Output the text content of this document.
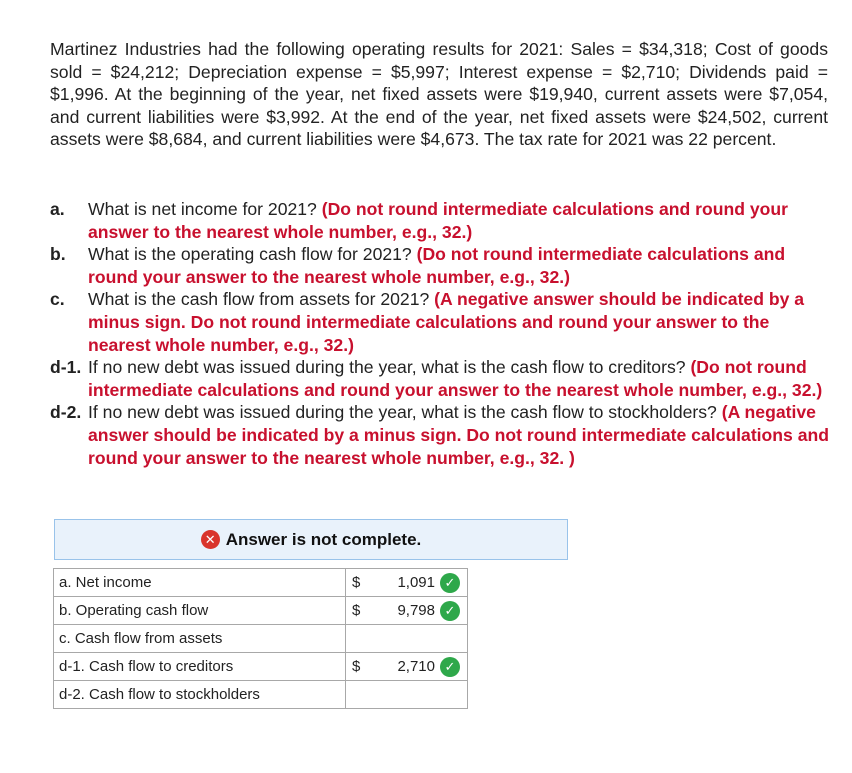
Martinez Industries had the following operating results for 2021: Sales = $34,318; Cost of goods sold = $24,212; Depreciation expense = $5,997; Interest expense = $2,710; Dividends paid = $1,996. At the beginning of the year, net fixed assets were $19,940, current assets were $7,054, and current liabilities were $3,992. At the end of the year, net fixed assets were $24,502, current assets were $8,684, and current liabilities were $4,673. The tax rate for 2021 was 22 percent.
a.	What is net income for 2021? (Do not round intermediate calculations and round your answer to the nearest whole number, e.g., 32.)
b.	What is the operating cash flow for 2021? (Do not round intermediate calculations and round your answer to the nearest whole number, e.g., 32.)
c.	What is the cash flow from assets for 2021? (A negative answer should be indicated by a minus sign. Do not round intermediate calculations and round your answer to the nearest whole number, e.g., 32.)
d-1. If no new debt was issued during the year, what is the cash flow to creditors? (Do not round intermediate calculations and round your answer to the nearest whole number, e.g., 32.)
d-2. If no new debt was issued during the year, what is the cash flow to stockholders? (A negative answer should be indicated by a minus sign. Do not round intermediate calculations and round your answer to the nearest whole number, e.g., 32. )
✕ Answer is not complete.
a. Net income	$ 1,091 ✓

b. Operating cash flow	$ 9,798 ✓

c. Cash flow from assets	

d-1. Cash flow to creditors	$ 2,710 ✓

d-2. Cash flow to stockholders	
